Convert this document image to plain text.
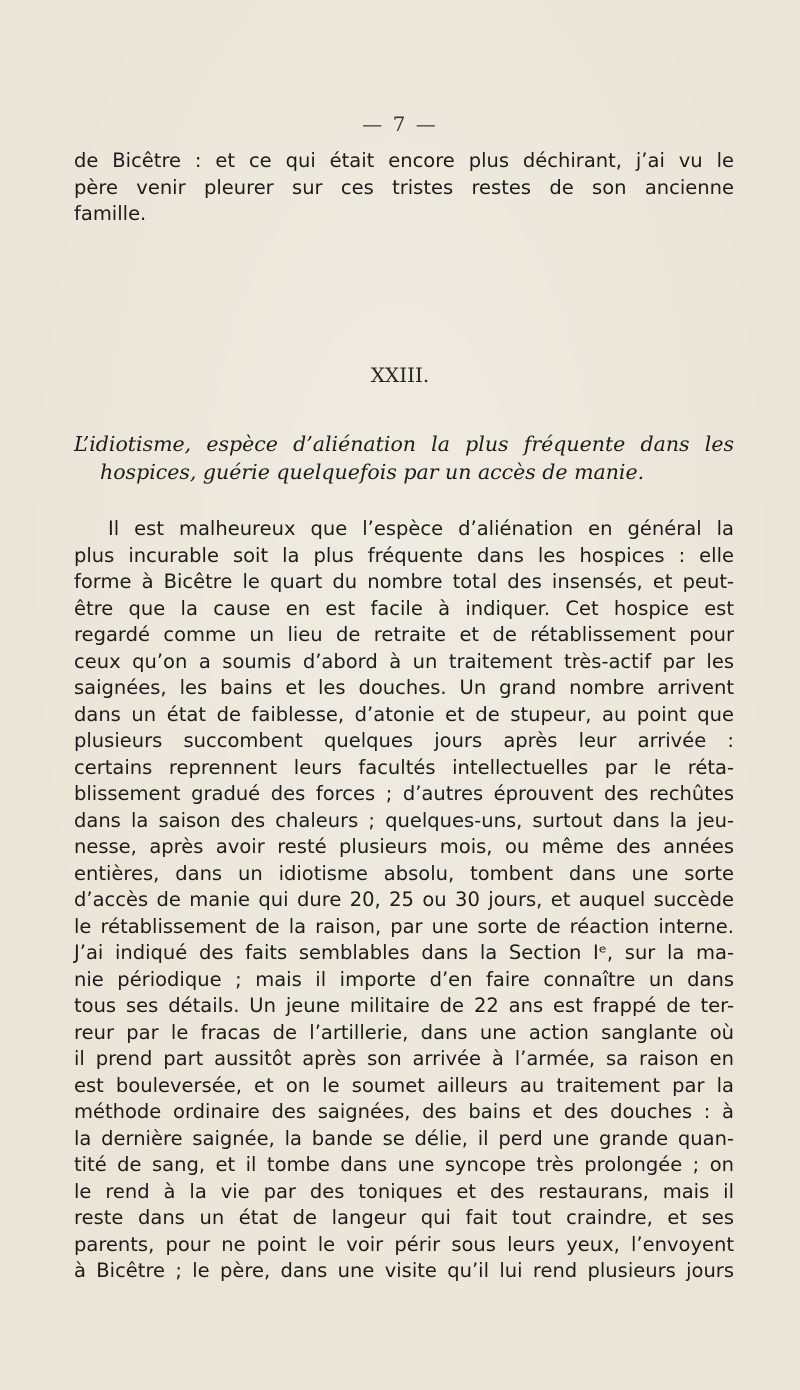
— 7 —
de Bicêtre : et ce qui était encore plus déchirant, j’ai vu le
père venir pleurer sur ces tristes restes de son ancienne
famille.
XXIII.
L’idiotisme, espèce d’aliénation la plus fréquente dans les
hospices, guérie quelquefois par un accès de manie.
Il est malheureux que l’espèce d’aliénation en général la
plus incurable soit la plus fréquente dans les hospices : elle
forme à Bicêtre le quart du nombre total des insensés, et peut-
être que la cause en est facile à indiquer. Cet hospice est
regardé comme un lieu de retraite et de rétablissement pour
ceux qu’on a soumis d’abord à un traitement très-actif par les
saignées, les bains et les douches. Un grand nombre arrivent
dans un état de faiblesse, d’atonie et de stupeur, au point que
plusieurs succombent quelques jours après leur arrivée :
certains reprennent leurs facultés intellectuelles par le réta-
blissement gradué des forces ; d’autres éprouvent des rechûtes
dans la saison des chaleurs ; quelques-uns, surtout dans la jeu-
nesse, après avoir resté plusieurs mois, ou même des années
entières, dans un idiotisme absolu, tombent dans une sorte
d’accès de manie qui dure 20, 25 ou 30 jours, et auquel succède
le rétablissement de la raison, par une sorte de réaction interne.
J’ai indiqué des faits semblables dans la Section Iᵉ, sur la ma-
nie périodique ; mais il importe d’en faire connaître un dans
tous ses détails. Un jeune militaire de 22 ans est frappé de ter-
reur par le fracas de l’artillerie, dans une action sanglante où
il prend part aussitôt après son arrivée à l’armée, sa raison en
est bouleversée, et on le soumet ailleurs au traitement par la
méthode ordinaire des saignées, des bains et des douches : à
la dernière saignée, la bande se délie, il perd une grande quan-
tité de sang, et il tombe dans une syncope très prolongée ; on
le rend à la vie par des toniques et des restaurans, mais il
reste dans un état de langeur qui fait tout craindre, et ses
parents, pour ne point le voir périr sous leurs yeux, l’envoyent
à Bicêtre ; le père, dans une visite qu’il lui rend plusieurs jours
